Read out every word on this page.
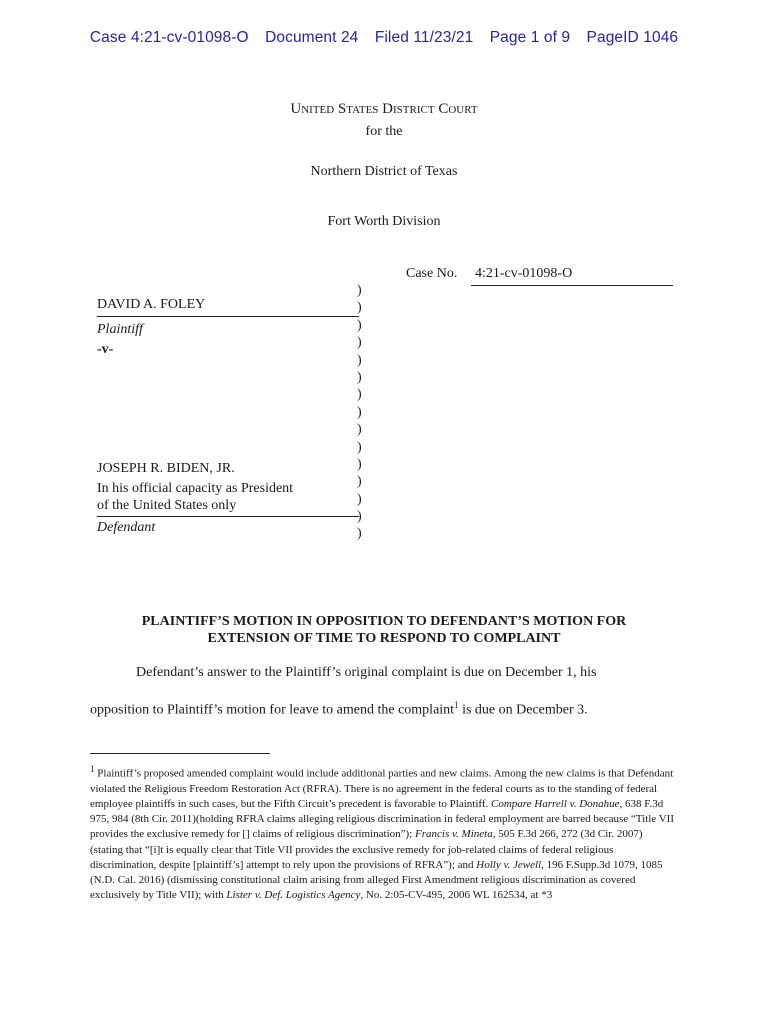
Case 4:21-cv-01098-O Document 24 Filed 11/23/21 Page 1 of 9 PageID 1046
United States District Court
for the
Northern District of Texas
Fort Worth Division
Case No. 4:21-cv-01098-O
)
)
)
)
)
)
)
)
)
)
)
)
)
)
)
DAVID A. FOLEY
Plaintiff
-v-
JOSEPH R. BIDEN, JR.
In his official capacity as President
of the United States only
Defendant
PLAINTIFF’S MOTION IN OPPOSITION TO DEFENDANT’S MOTION FOR
EXTENSION OF TIME TO RESPOND TO COMPLAINT
Defendant’s answer to the Plaintiff’s original complaint is due on December 1, his
opposition to Plaintiff’s motion for leave to amend the complaint$^1$ is due on December 3.
$^1$ Plaintiff’s proposed amended complaint would include additional parties and new claims. Among the new claims is that Defendant violated the Religious Freedom Restoration Act (RFRA). There is no agreement in the federal courts as to the standing of federal employee plaintiffs in such cases, but the Fifth Circuit’s precedent is favorable to Plaintiff. Compare Harrell v. Donahue, 638 F.3d 975, 984 (8th Cir. 2011)(holding RFRA claims alleging religious discrimination in federal employment are barred because “Title VII provides the exclusive remedy for [] claims of religious discrimination”); Francis v. Mineta, 505 F.3d 266, 272 (3d Cir. 2007) (stating that “[i]t is equally clear that Title VII provides the exclusive remedy for job-related claims of federal religious discrimination, despite [plaintiff’s] attempt to rely upon the provisions of RFRA”); and Holly v. Jewell, 196 F.Supp.3d 1079, 1085 (N.D. Cal. 2016) (dismissing constitutional claim arising from alleged First Amendment religious discrimination as covered exclusively by Title VII); with Lister v. Def. Logistics Agency, No. 2:05-CV-495, 2006 WL 162534, at *3
